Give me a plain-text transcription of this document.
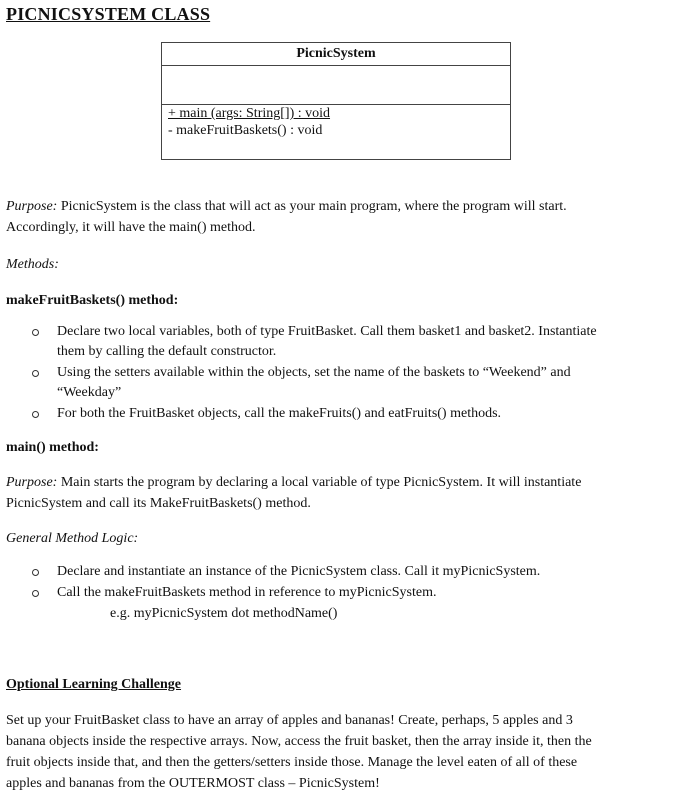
PICNICSYSTEM CLASS
PicnicSystem
+ main (args: String[]) : void
- makeFruitBaskets() : void
Purpose: PicnicSystem is the class that will act as your main program, where the program will start.
Accordingly, it will have the main() method.
Methods:
makeFruitBaskets() method:
Declare two local variables, both of type FruitBasket. Call them basket1 and basket2. Instantiate
them by calling the default constructor.
Using the setters available within the objects, set the name of the baskets to “Weekend” and
“Weekday”
For both the FruitBasket objects, call the makeFruits() and eatFruits() methods.
main() method:
Purpose: Main starts the program by declaring a local variable of type PicnicSystem. It will instantiate
PicnicSystem and call its MakeFruitBaskets() method.
General Method Logic:
Declare and instantiate an instance of the PicnicSystem class. Call it myPicnicSystem.
Call the makeFruitBaskets method in reference to myPicnicSystem.
e.g. myPicnicSystem dot methodName()
Optional Learning Challenge
Set up your FruitBasket class to have an array of apples and bananas! Create, perhaps, 5 apples and 3
banana objects inside the respective arrays. Now, access the fruit basket, then the array inside it, then the
fruit objects inside that, and then the getters/setters inside those. Manage the level eaten of all of these
apples and bananas from the OUTERMOST class – PicnicSystem!
